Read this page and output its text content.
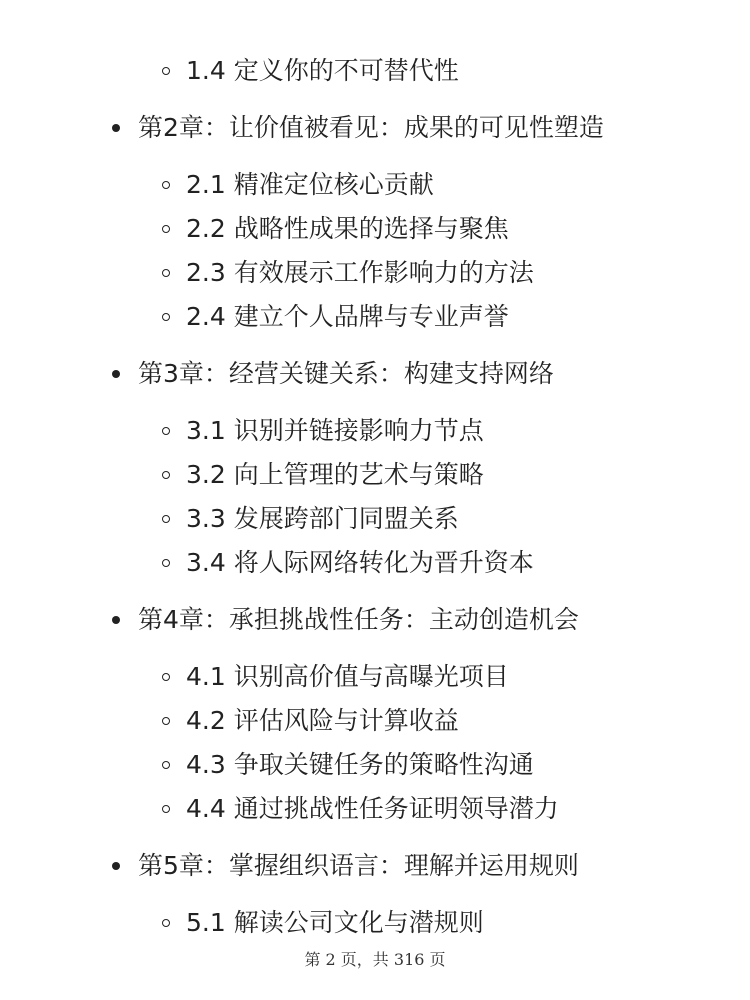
1.4 定义你的不可替代性
第2章：让价值被看见：成果的可见性塑造
2.1 精准定位核心贡献
2.2 战略性成果的选择与聚焦
2.3 有效展示工作影响力的方法
2.4 建立个人品牌与专业声誉
第3章：经营关键关系：构建支持网络
3.1 识别并链接影响力节点
3.2 向上管理的艺术与策略
3.3 发展跨部门同盟关系
3.4 将人际网络转化为晋升资本
第4章：承担挑战性任务：主动创造机会
4.1 识别高价值与高曝光项目
4.2 评估风险与计算收益
4.3 争取关键任务的策略性沟通
4.4 通过挑战性任务证明领导潜力
第5章：掌握组织语言：理解并运用规则
5.1 解读公司文化与潜规则
第 2 页，共 316 页
